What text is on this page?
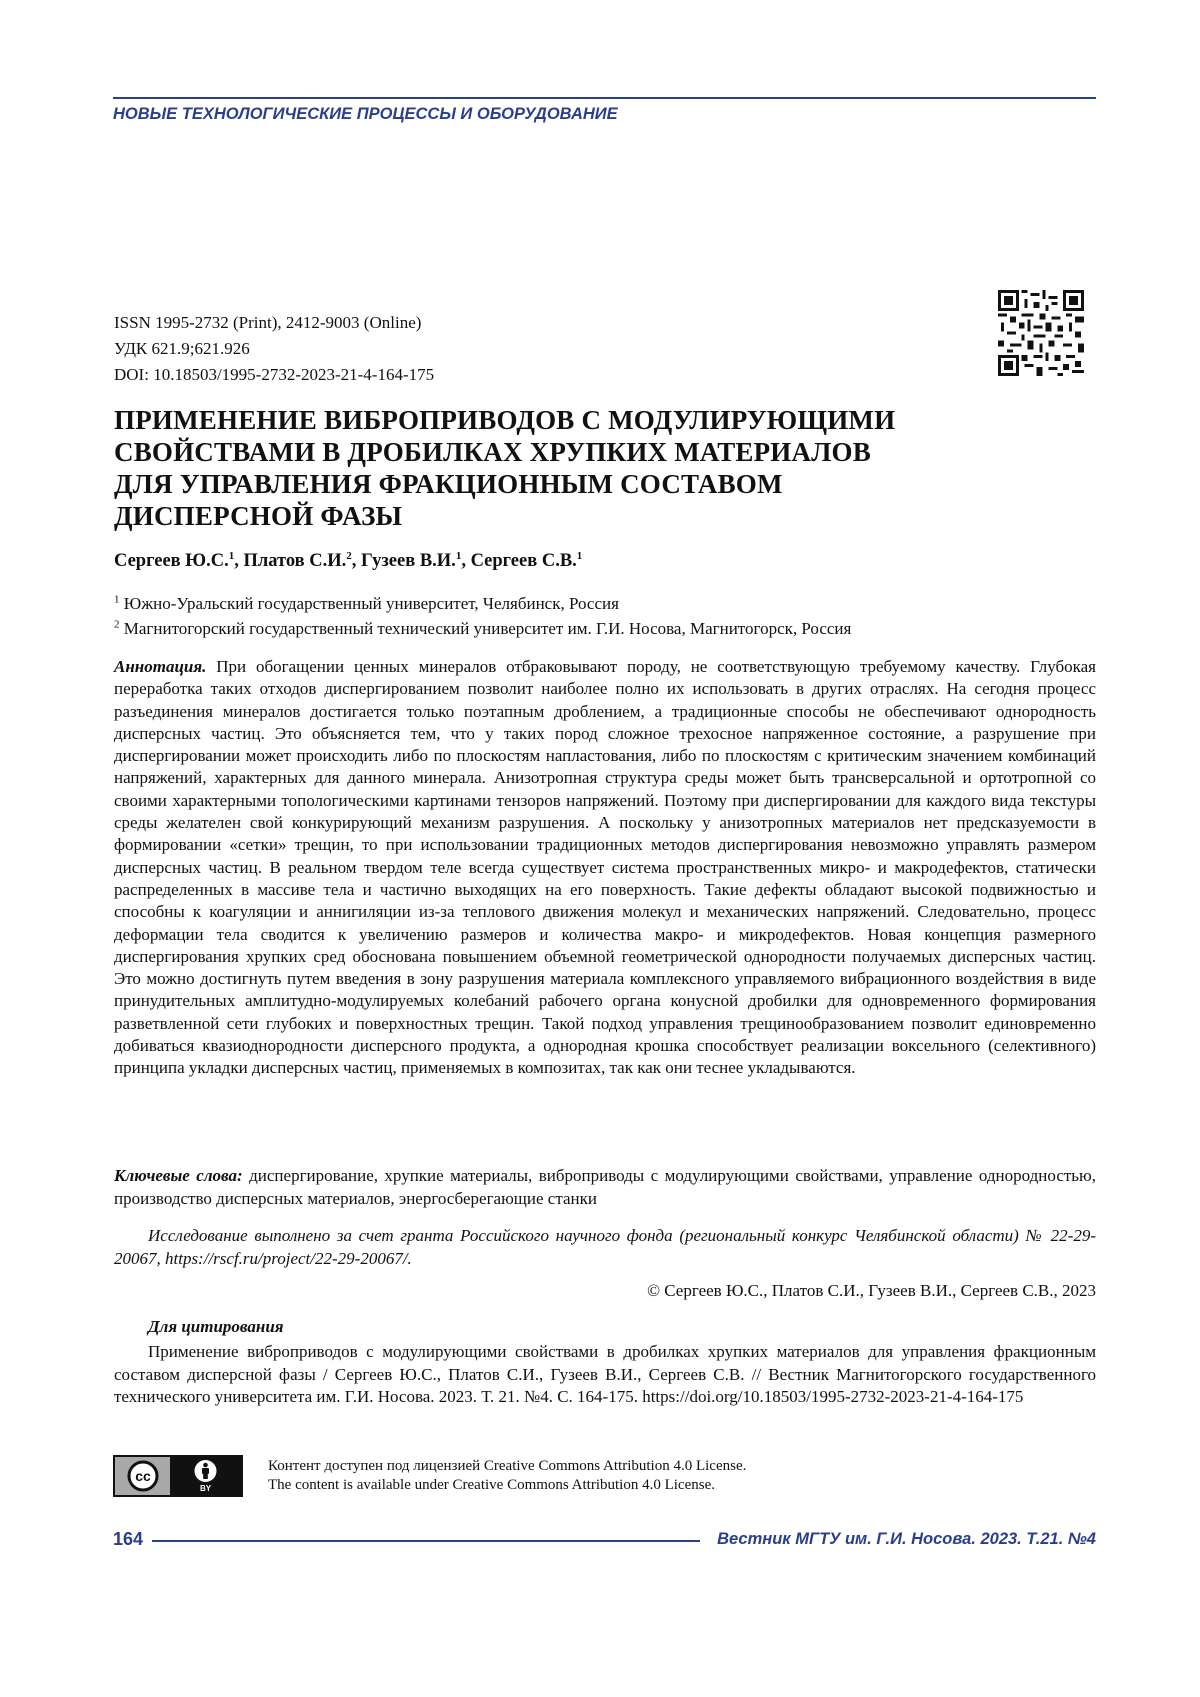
НОВЫЕ ТЕХНОЛОГИЧЕСКИЕ ПРОЦЕССЫ И ОБОРУДОВАНИЕ
ISSN 1995-2732 (Print), 2412-9003 (Online)
УДК 621.9;621.926
DOI: 10.18503/1995-2732-2023-21-4-164-175
ПРИМЕНЕНИЕ ВИБРОПРИВОДОВ С МОДУЛИРУЮЩИМИ
СВОЙСТВАМИ В ДРОБИЛКАХ ХРУПКИХ МАТЕРИАЛОВ
ДЛЯ УПРАВЛЕНИЯ ФРАКЦИОННЫМ СОСТАВОМ
ДИСПЕРСНОЙ ФАЗЫ
Сергеев Ю.С.$^1$, Платов С.И.$^2$, Гузеев В.И.$^1$, Сергеев С.В.$^1$
$^1$ Южно-Уральский государственный университет, Челябинск, Россия
$^2$ Магнитогорский государственный технический университет им. Г.И. Носова, Магнитогорск, Россия
Аннотация. При обогащении ценных минералов отбраковывают породу, не соответствующую требуемому качеству. Глубокая переработка таких отходов диспергированием позволит наиболее полно их использовать в других отраслях. На сегодня процесс разъединения минералов достигается только поэтапным дроблением, а традиционные способы не обеспечивают однородность дисперсных частиц. Это объясняется тем, что у таких пород сложное трехосное напряженное состояние, а разрушение при диспергировании может происходить либо по плоскостям напластования, либо по плоскостям с критическим значением комбинаций напряжений, характерных для данного минерала. Анизотропная структура среды может быть трансверсальной и ортотропной со своими характерными топологическими картинами тензоров напряжений. Поэтому при диспергировании для каждого вида текстуры среды желателен свой конкурирующий механизм разрушения. А поскольку у анизотропных материалов нет предсказуемости в формировании «сетки» трещин, то при использовании традиционных методов диспергирования невозможно управлять размером дисперсных частиц. В реальном твердом теле всегда существует система пространственных микро- и макродефектов, статически распределенных в массиве тела и частично выходящих на его поверхность. Такие дефекты обладают высокой подвижностью и способны к коагуляции и аннигиляции из-за теплового движения молекул и механических напряжений. Следовательно, процесс деформации тела сводится к увеличению размеров и количества макро- и микродефектов. Новая концепция размерного диспергирования хрупких сред обоснована повышением объемной геометрической однородности получаемых дисперсных частиц. Это можно достигнуть путем введения в зону разрушения материала комплексного управляемого вибрационного воздействия в виде принудительных амплитудно-модулируемых колебаний рабочего органа конусной дробилки для одновременного формирования разветвленной сети глубоких и поверхностных трещин. Такой подход управления трещинообразованием позволит единовременно добиваться квазиоднородности дисперсного продукта, а однородная крошка способствует реализации воксельного (селективного) принципа укладки дисперсных частиц, применяемых в композитах, так как они теснее укладываются.
Ключевые слова: диспергирование, хрупкие материалы, виброприводы с модулирующими свойствами, управление однородностью, производство дисперсных материалов, энергосберегающие станки
Исследование выполнено за счет гранта Российского научного фонда (региональный конкурс Челябинской области) № 22-29-20067, https://rscf.ru/project/22-29-20067/.
© Сергеев Ю.С., Платов С.И., Гузеев В.И., Сергеев С.В., 2023
Для цитирования
Применение виброприводов с модулирующими свойствами в дробилках хрупких материалов для управления фракционным составом дисперсной фазы / Сергеев Ю.С., Платов С.И., Гузеев В.И., Сергеев С.В. // Вестник Магнитогорского государственного технического университета им. Г.И. Носова. 2023. Т. 21. №4. С. 164-175. https://doi.org/10.18503/1995-2732-2023-21-4-164-175
cc
BY
Контент доступен под лицензией Creative Commons Attribution 4.0 License.
The content is available under Creative Commons Attribution 4.0 License.
164	Вестник МГТУ им. Г.И. Носова. 2023. Т.21. №4
